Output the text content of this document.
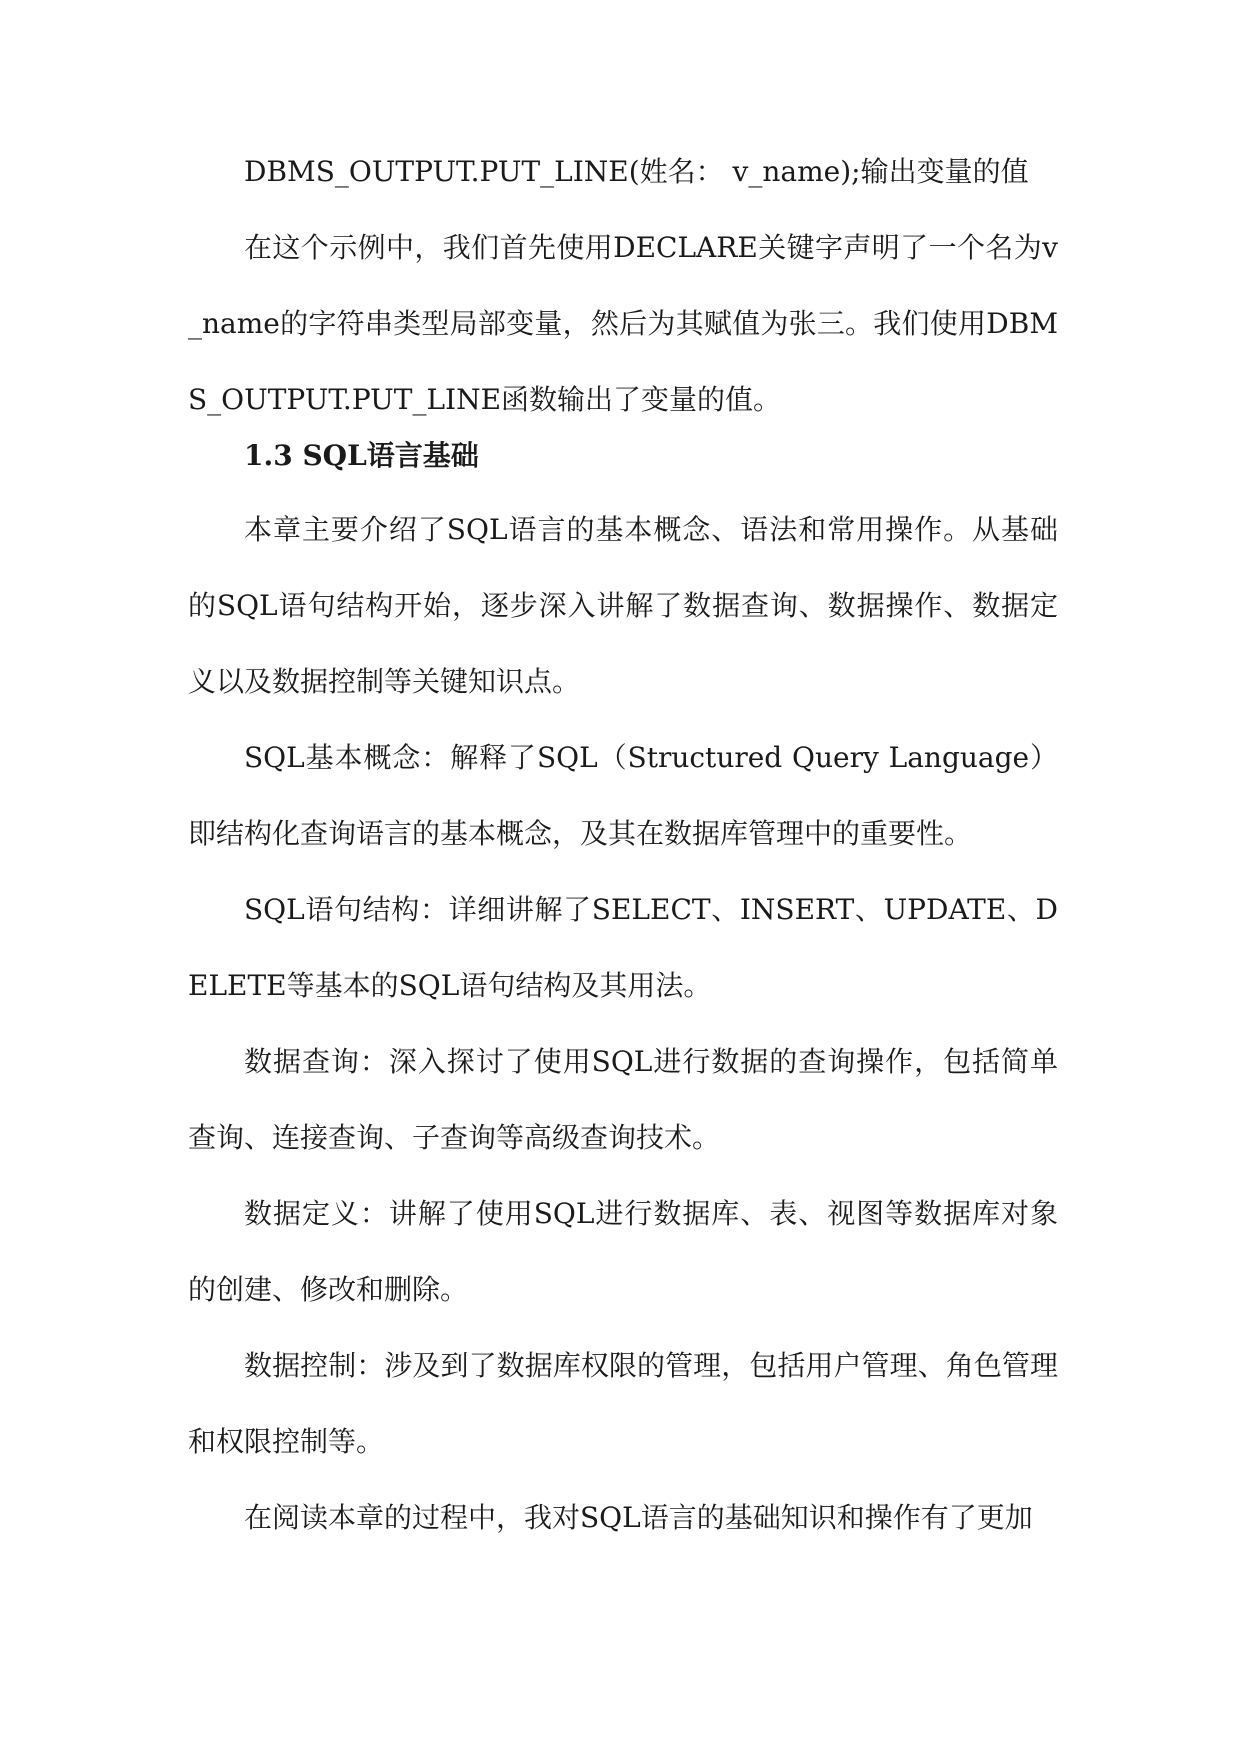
DBMS_OUTPUT.PUT_LINE(姓名： v_name);输出变量的值

在这个示例中，我们首先使用DECLARE关键字声明了一个名为v_name的字符串类型局部变量，然后为其赋值为张三。我们使用DBMS_OUTPUT.PUT_LINE函数输出了变量的值。

1.3 SQL语言基础

本章主要介绍了SQL语言的基本概念、语法和常用操作。从基础的SQL语句结构开始，逐步深入讲解了数据查询、数据操作、数据定义以及数据控制等关键知识点。

SQL基本概念：解释了SQL（Structured Query Language）即结构化查询语言的基本概念，及其在数据库管理中的重要性。

SQL语句结构：详细讲解了SELECT、INSERT、UPDATE、DELETE等基本的SQL语句结构及其用法。

数据查询：深入探讨了使用SQL进行数据的查询操作，包括简单查询、连接查询、子查询等高级查询技术。

数据定义：讲解了使用SQL进行数据库、表、视图等数据库对象的创建、修改和删除。

数据控制：涉及到了数据库权限的管理，包括用户管理、角色管理和权限控制等。

在阅读本章的过程中，我对SQL语言的基础知识和操作有了更加
